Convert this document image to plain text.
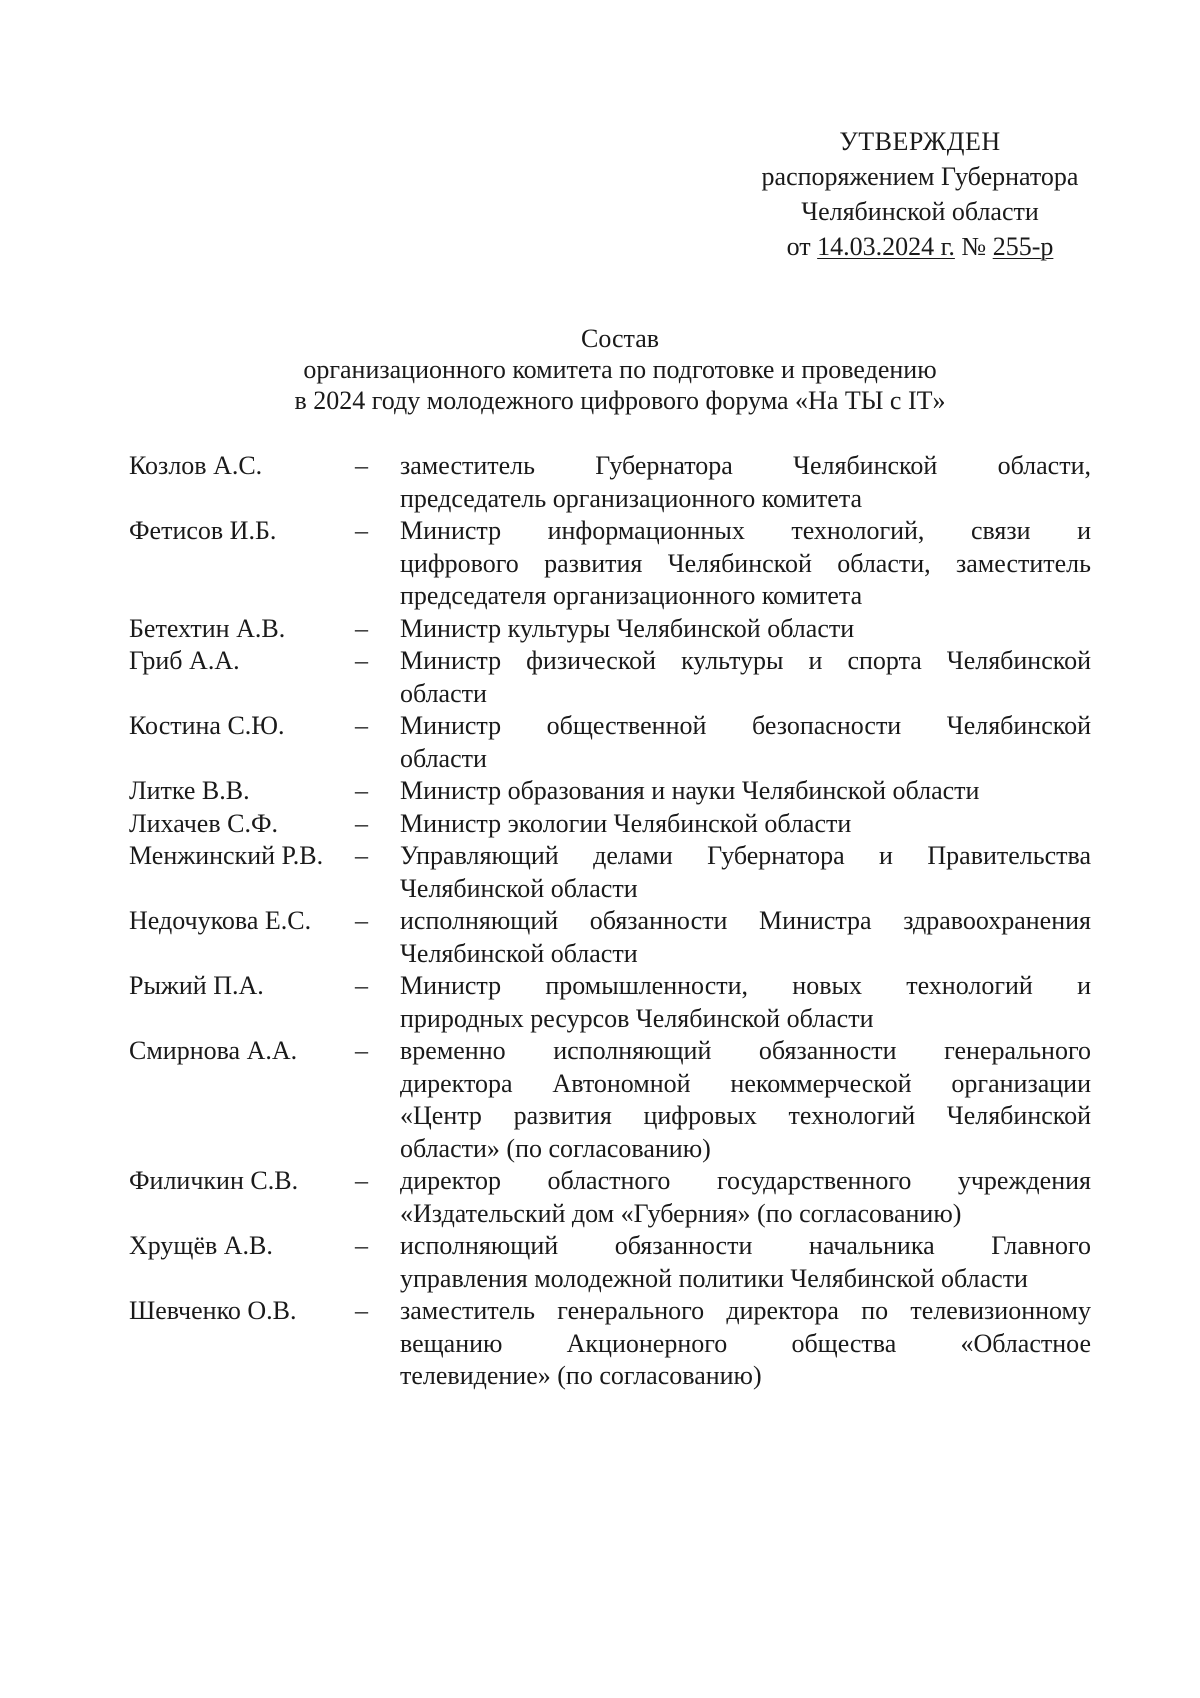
УТВЕРЖДЕН
распоряжением Губернатора
Челябинской области
от 14.03.2024 г. № 255-р
Состав
организационного комитета по подготовке и проведению
в 2024 году молодежного цифрового форума «На ТЫ с IT»
Козлов А.С.	–	заместитель Губернатора Челябинской области,
председатель организационного комитета
Фетисов И.Б.	–	Министр информационных технологий, связи и
цифрового развития Челябинской области, заместитель
председателя организационного комитета
Бетехтин А.В.	–	Министр культуры Челябинской области
Гриб А.А.	–	Министр физической культуры и спорта Челябинской
области
Костина С.Ю.	–	Министр общественной безопасности Челябинской
области
Литке В.В.	–	Министр образования и науки Челябинской области
Лихачев С.Ф.	–	Министр экологии Челябинской области
Менжинский Р.В.	–	Управляющий делами Губернатора и Правительства
Челябинской области
Недочукова Е.С.	–	исполняющий обязанности Министра здравоохранения
Челябинской области
Рыжий П.А.	–	Министр промышленности, новых технологий и
природных ресурсов Челябинской области
Смирнова А.А.	–	временно исполняющий обязанности генерального
директора Автономной некоммерческой организации
«Центр развития цифровых технологий Челябинской
области» (по согласованию)
Филичкин С.В.	–	директор областного государственного учреждения
«Издательский дом «Губерния» (по согласованию)
Хрущёв А.В.	–	исполняющий обязанности начальника Главного
управления молодежной политики Челябинской области
Шевченко О.В.	–	заместитель генерального директора по телевизионному
вещанию Акционерного общества «Областное
телевидение» (по согласованию)
